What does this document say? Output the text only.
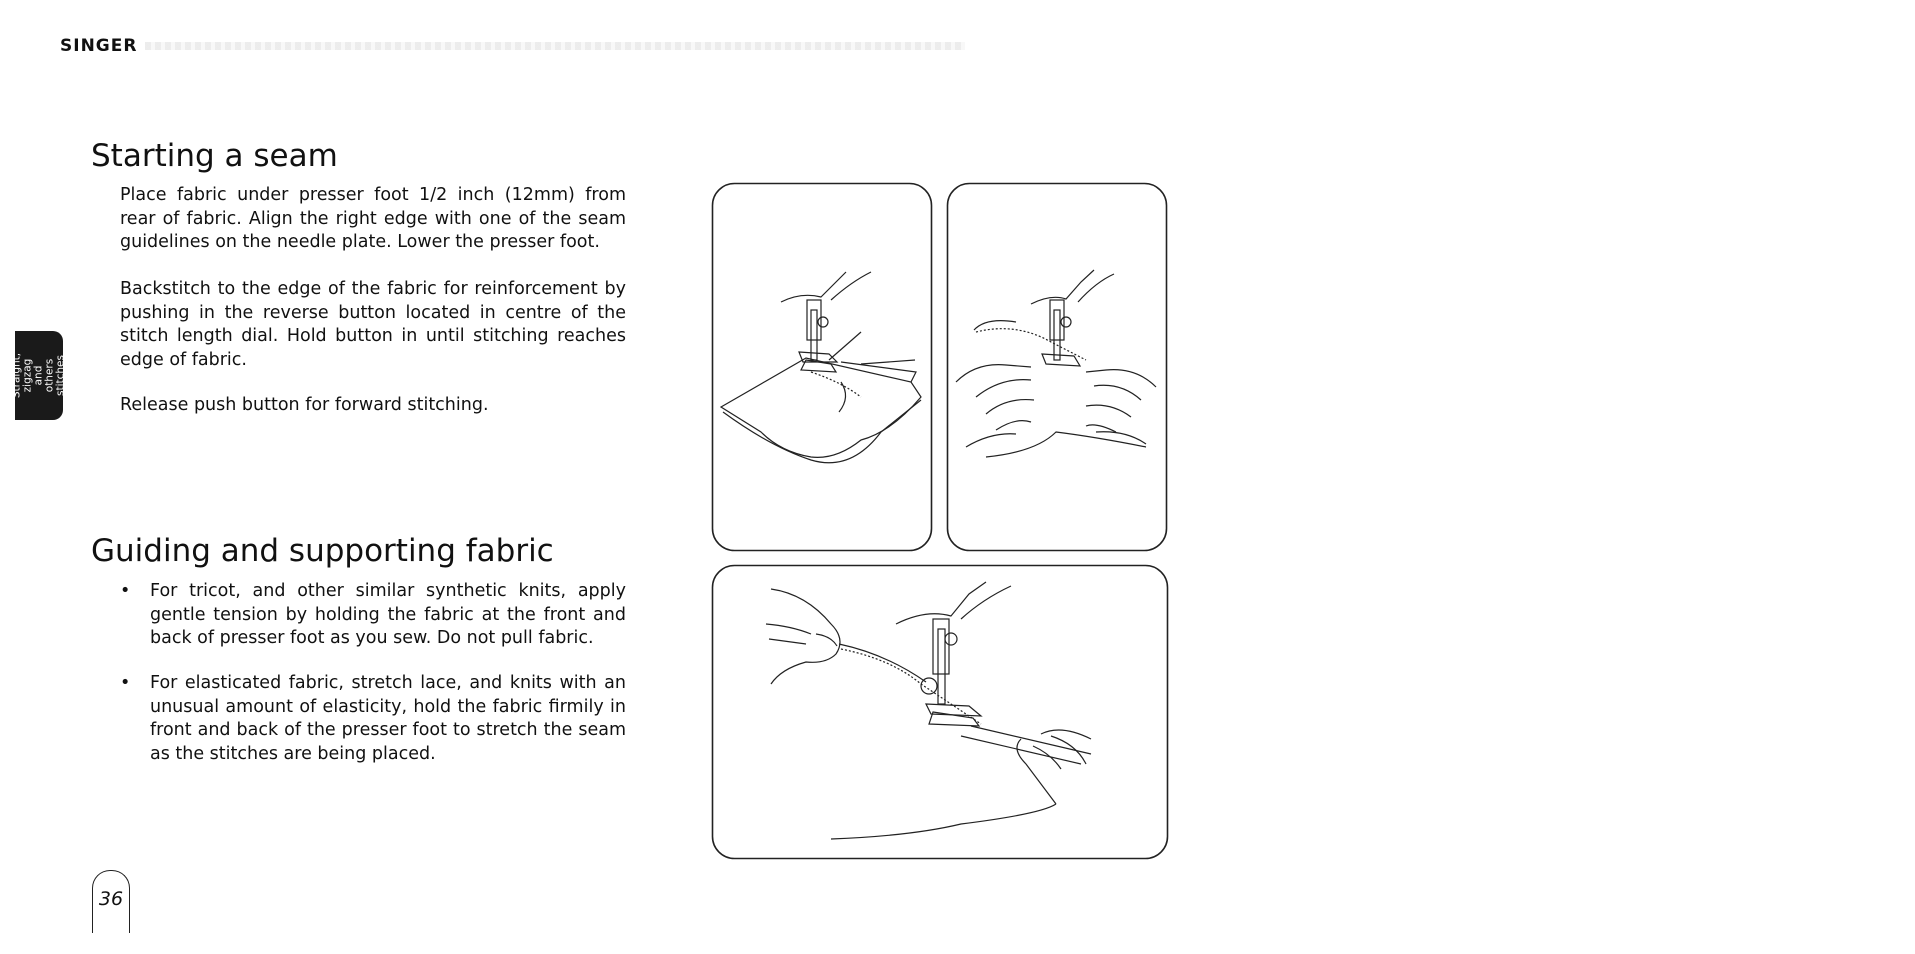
SINGER
Straight,
zigzag and
others
stitches
Starting a seam

Place fabric under presser foot 1/2 inch (12mm) from rear of fabric. Align the right edge with one of the seam guidelines on the needle plate. Lower the presser foot.

Backstitch to the edge of the fabric for reinforcement by pushing in the reverse button located in centre of the stitch length dial. Hold button in until stitching reaches edge of fabric.

Release push button for forward stitching.

Guiding and supporting fabric
• For tricot, and other similar synthetic knits, apply gentle tension by holding the fabric at the front and back of presser foot as you sew. Do not pull fabric.
• For elasticated fabric, stretch lace, and knits with an unusual amount of elasticity, hold the fabric firmily in front and back of the presser foot to stretch the seam as the stitches are being placed.
36
